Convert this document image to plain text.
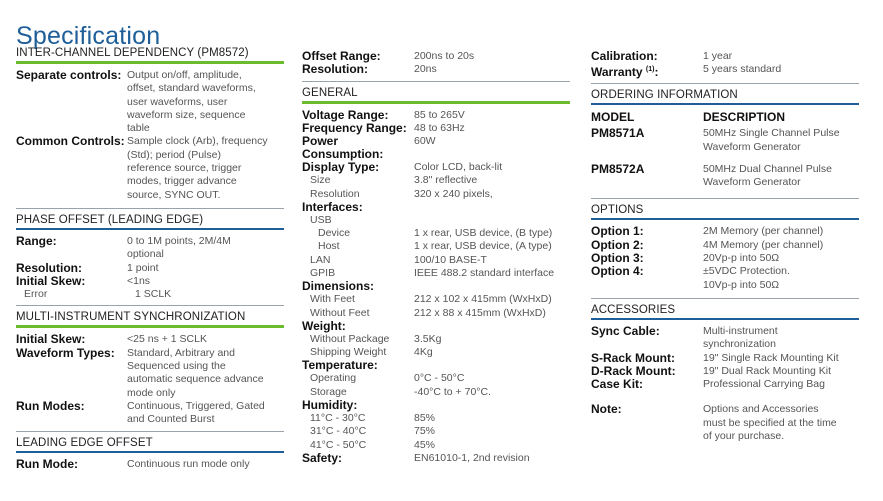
Specification
INTER-CHANNEL DEPENDENCY (PM8572)
Separate controls: Output on/off, amplitude,
offset, standard waveforms,
user waveforms, user
waveform size, sequence
table
Common Controls: Sample clock (Arb), frequency
(Std); period (Pulse)
reference source, trigger
modes, trigger advance
source, SYNC OUT.
PHASE OFFSET (LEADING EDGE)
Range:	0 to 1M points, 2M/4M
optional
Resolution:	1 point
Initial Skew:	<1ns
Error	1 SCLK
MULTI-INSTRUMENT SYNCHRONIZATION
Initial Skew:	<25 ns + 1 SCLK
Waveform Types:	Standard, Arbitrary and
Sequenced using the
automatic sequence advance
mode only
Run Modes:	Continuous, Triggered, Gated
and Counted Burst
LEADING EDGE OFFSET
Run Mode:	Continuous run mode only
Offset Range:	200ns to 20s
Resolution:	20ns
GENERAL
Voltage Range:	85 to 265V
Frequency Range: 48 to 63Hz
Power Consumption:
60W
Display Type:	Color LCD, back-lit
Size	3.8" reflective
Resolution	320 x 240 pixels,
Interfaces:
USB
Device	1 x rear, USB device, (B type)
Host	1 x rear, USB device, (A type)
LAN	100/10 BASE-T
GPIB	IEEE 488.2 standard interface
Dimensions:
With Feet	212 x 102 x 415mm (WxHxD)
Without Feet	212 x 88 x 415mm (WxHxD)
Weight:
Without Package	3.5Kg
Shipping Weight	4Kg
Temperature:
Operating	0°C - 50°C
Storage	-40°C to + 70°C.
Humidity:
11°C - 30°C	85%
31°C - 40°C	75%
41°C - 50°C	45%
Safety:	EN61010-1, 2nd revision
Calibration:	1 year
Warranty $^{(1)}$:	5 years standard
ORDERING INFORMATION
MODEL	DESCRIPTION
PM8571A	50MHz Single Channel Pulse
Waveform Generator
PM8572A	50MHz Dual Channel Pulse
Waveform Generator
OPTIONS
Option 1:	2M Memory (per channel)
Option 2:	4M Memory (per channel)
Option 3:	20Vp-p into 50Ω
Option 4:	±5VDC Protection.
10Vp-p into 50Ω
ACCESSORIES
Sync Cable:	Multi-instrument
synchronization
S-Rack Mount:	19" Single Rack Mounting Kit
D-Rack Mount:	19" Dual Rack Mounting Kit
Case Kit:	Professional Carrying Bag
Note:	Options and Accessories
must be specified at the time
of your purchase.
